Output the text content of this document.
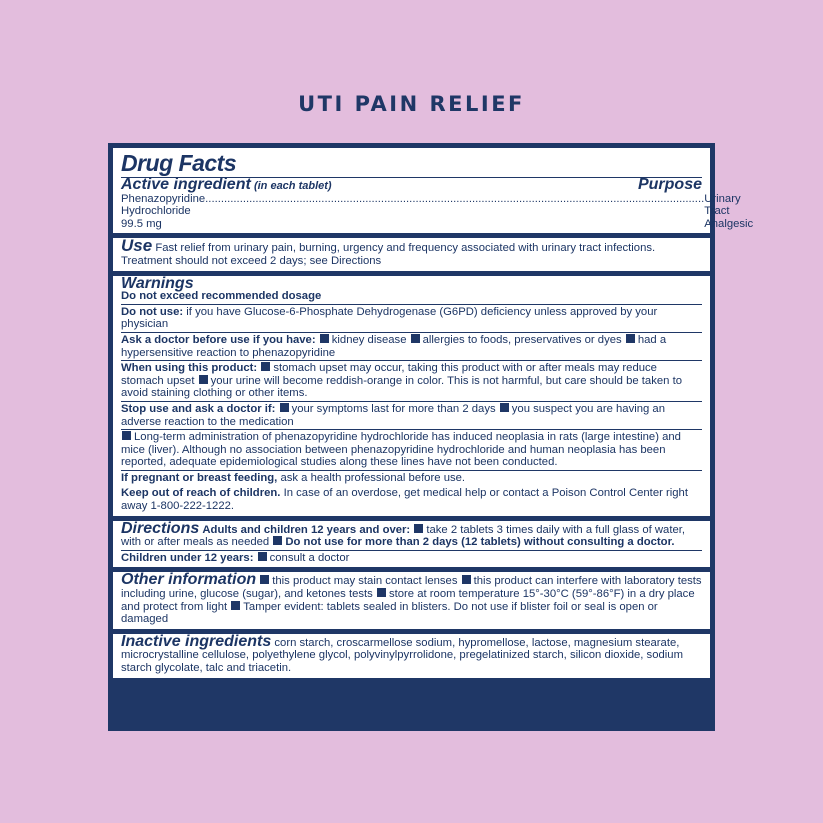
UTI PAIN RELIEF
Drug Facts
Active ingredient (in each tablet)	Purpose
Phenazopyridine Hydrochloride 99.5 mg
............................................................................................................................................................... Urinary Tract Analgesic
Use Fast relief from urinary pain, burning, urgency and frequency associated with urinary tract infections. Treatment should not exceed 2 days; see Directions
Warnings
Do not exceed recommended dosage
Do not use: if you have Glucose-6-Phosphate Dehydrogenase (G6PD) deficiency unless approved by your physician
Ask a doctor before use if you have: kidney disease allergies to foods, preservatives or dyes had a hypersensitive reaction to phenazopyridine
When using this product: stomach upset may occur, taking this product with or after meals may reduce stomach upset your urine will become reddish-orange in color. This is not harmful, but care should be taken to avoid staining clothing or other items.
Stop use and ask a doctor if: your symptoms last for more than 2 days you suspect you are having an adverse reaction to the medication
Long-term administration of phenazopyridine hydrochloride has induced neoplasia in rats (large intestine) and mice (liver). Although no association between phenazopyridine hydrochloride and human neoplasia has been reported, adequate epidemiological studies along these lines have not been conducted.
If pregnant or breast feeding, ask a health professional before use.
Keep out of reach of children. In case of an overdose, get medical help or contact a Poison Control Center right away 1-800-222-1222.
Directions Adults and children 12 years and over: take 2 tablets 3 times daily with a full glass of water, with or after meals as needed Do not use for more than 2 days (12 tablets) without consulting a doctor.
Children under 12 years: consult a doctor
Other information this product may stain contact lenses this product can interfere with laboratory tests including urine, glucose (sugar), and ketones tests store at room temperature 15°-30°C (59°-86°F) in a dry place and protect from light Tamper evident: tablets sealed in blisters. Do not use if blister foil or seal is open or damaged
Inactive ingredients corn starch, croscarmellose sodium, hypromellose, lactose, magnesium stearate, microcrystalline cellulose, polyethylene glycol, polyvinylpyrrolidone, pregelatinized starch, silicon dioxide, sodium starch glycolate, talc and triacetin.
